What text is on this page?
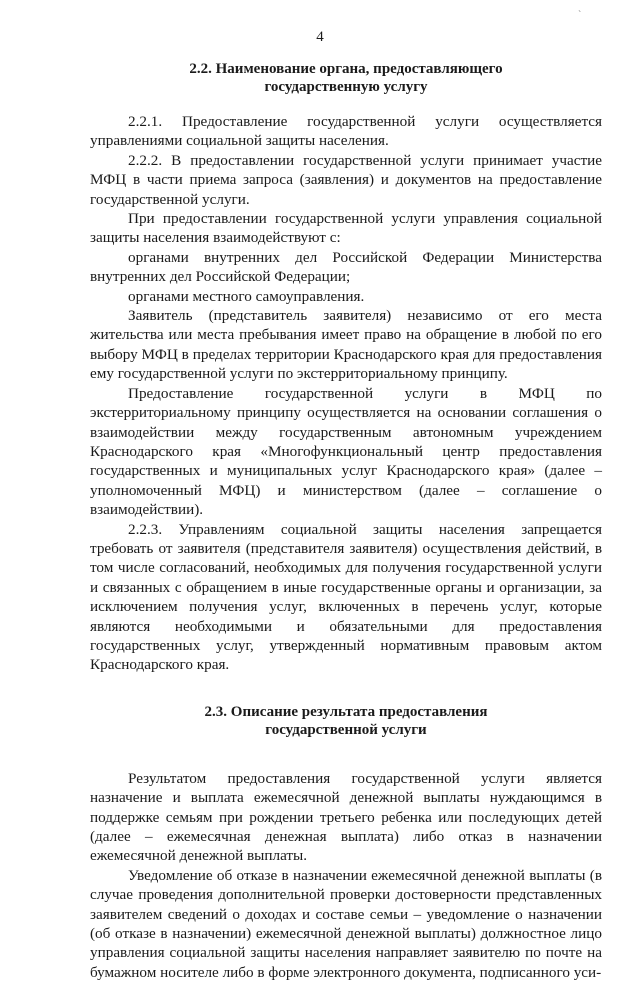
`
4
2.2. Наименование органа, предоставляющего
государственную услугу

2.2.1. Предоставление государственной услуги осуществляется управлениями социальной защиты населения.

2.2.2. В предоставлении государственной услуги принимает участие МФЦ в части приема запроса (заявления) и документов на предоставление государственной услуги.

При предоставлении государственной услуги управления социальной защиты населения взаимодействуют с:

органами внутренних дел Российской Федерации Министерства внутренних дел Российской Федерации;

органами местного самоуправления.

Заявитель (представитель заявителя) независимо от его места жительства или места пребывания имеет право на обращение в любой по его выбору МФЦ в пределах территории Краснодарского края для предоставления ему государственной услуги по экстерриториальному принципу.

Предоставление государственной услуги в МФЦ по экстерриториальному принципу осуществляется на основании соглашения о взаимодействии между государственным автономным учреждением Краснодарского края «Многофункциональный центр предоставления государственных и муниципальных услуг Краснодарского края» (далее – уполномоченный МФЦ) и министерством (далее – соглашение о взаимодействии).

2.2.3. Управлениям социальной защиты населения запрещается требовать от заявителя (представителя заявителя) осуществления действий, в том числе согласований, необходимых для получения государственной услуги и связанных с обращением в иные государственные органы и организации, за исключением получения услуг, включенных в перечень услуг, которые являются необходимыми и обязательными для предоставления государственных услуг, утвержденный нормативным правовым актом Краснодарского края.

2.3. Описание результата предоставления
государственной услуги

Результатом предоставления государственной услуги является назначение и выплата ежемесячной денежной выплаты нуждающимся в поддержке семьям при рождении третьего ребенка или последующих детей (далее – ежемесячная денежная выплата) либо отказ в назначении ежемесячной денежной выплаты.

Уведомление об отказе в назначении ежемесячной денежной выплаты (в случае проведения дополнительной проверки достоверности представленных заявителем сведений о доходах и составе семьи – уведомление о назначении (об отказе в назначении) ежемесячной денежной выплаты) должностное лицо управления социальной защиты населения направляет заявителю по почте на бумажном носителе либо в форме электронного документа, подписанного уси-
